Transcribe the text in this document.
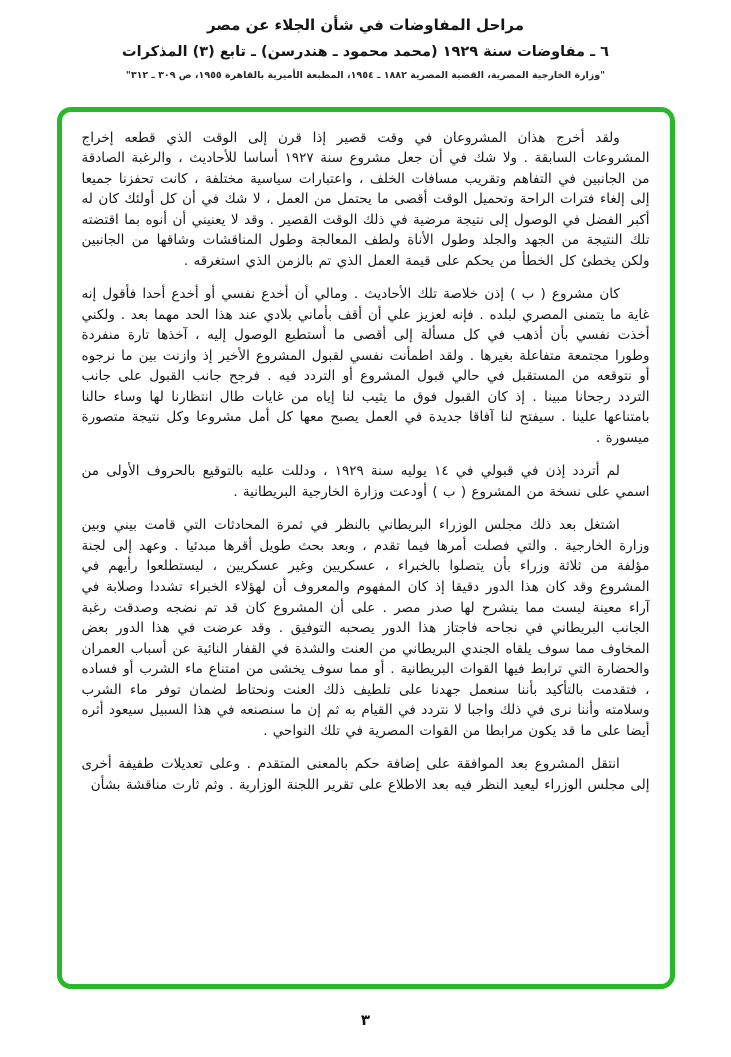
مراحل المفاوضات في شأن الجلاء عن مصر
٦ ـ مفاوضات سنة ١٩٢٩ (محمد محمود ـ هندرسن) ـ تابع (٣) المذكرات
"وزارة الخارجية المصرية، القضية المصرية ١٨٨٢ ـ ١٩٥٤، المطبعة الأميرية بالقاهرة ١٩٥٥، ص ٣٠٩ ـ ٣١٢"

ولقد أخرج هذان المشروعان في وقت قصير إذا قرن إلى الوقت الذي قطعه إخراج المشروعات السابقة . ولا شك في أن جعل مشروع سنة ١٩٢٧ أساسا للأحاديث ، والرغبة الصادقة من الجانبين في التفاهم وتقريب مسافات الخلف ، واعتبارات سياسية مختلفة ، كانت تحفزنا جميعا إلى إلغاء فترات الراحة وتحميل الوقت أقصى ما يحتمل من العمل ، لا شك في أن كل أولئك كان له أكبر الفضل في الوصول إلى نتيجة مرضية في ذلك الوقت القصير . وقد لا يعنيني أن أنوه بما اقتضته تلك النتيجة من الجهد والجلد وطول الأناة ولطف المعالجة وطول المناقشات وشاقها من الجانبين ولكن يخطئ كل الخطأ من يحكم على قيمة العمل الذي تم بالزمن الذي استغرقه .

كان مشروع ( ب ) إذن خلاصة تلك الأحاديث . ومالي أن أخدع نفسي أو أخدع أحدا فأقول إنه غاية ما يتمنى المصري لبلده . فإنه لعزيز علي أن أقف بأماني بلادي عند هذا الحد مهما بعد . ولكني أخذت نفسي بأن أذهب في كل مسألة إلى أقصى ما أستطيع الوصول إليه ، آخذها تارة منفردة وطورا مجتمعة متفاعلة بغيرها . ولقد اطمأنت نفسي لقبول المشروع الأخير إذ وازنت بين ما نرجوه أو نتوقعه من المستقبل في حالي قبول المشروع أو التردد فيه . فرجح جانب القبول على جانب التردد رجحانا مبينا . إذ كان القبول فوق ما يثيب لنا إياه من غايات طال انتظارنا لها وساء حالنا بامتناعها علينا . سيفتح لنا آفاقا جديدة في العمل يصبح معها كل أمل مشروعا وكل نتيجة متصورة ميسورة .

لم أتردد إذن في قبولي في ١٤ يوليه سنة ١٩٢٩ ، ودللت عليه بالتوقيع بالحروف الأولى من اسمي على نسخة من المشروع ( ب ) أودعت وزارة الخارجية البريطانية .

اشتغل بعد ذلك مجلس الوزراء البريطاني بالنظر في ثمرة المحادثات التي قامت بيني وبين وزارة الخارجية . والتي فصلت أمرها فيما تقدم ، وبعد بحث طويل أقرها مبدئيا . وعهد إلى لجنة مؤلفة من ثلاثة وزراء بأن يتصلوا بالخبراء ، عسكريين وغير عسكريين ، ليستطلعوا رأيهم في المشروع وقد كان هذا الدور دقيقا إذ كان المفهوم والمعروف أن لهؤلاء الخبراء تشددا وصلابة في آراء معينة ليست مما ينشرح لها صدر مصر . على أن المشروع كان قد تم نضجه وصدقت رغبة الجانب البريطاني في نجاحه فاجتاز هذا الدور يصحبه التوفيق . وقد عرضت في هذا الدور بعض المخاوف مما سوف يلقاه الجندي البريطاني من العنت والشدة في القفار النائية عن أسباب العمران والحضارة التي ترابط فيها القوات البريطانية . أو مما سوف يخشى من امتناع ماء الشرب أو فساده ، فتقدمت بالتأكيد بأننا سنعمل جهدنا على تلطيف ذلك العنت ونحتاط لضمان توفر ماء الشرب وسلامته وأننا نرى في ذلك واجبا لا نتردد في القيام به ثم إن ما سنصنعه في هذا السبيل سيعود أثره أيضا على ما قد يكون مرابطا من القوات المصرية في تلك النواحي .

انتقل المشروع بعد الموافقة على إضافة حكم بالمعنى المتقدم . وعلى تعديلات طفيفة أخرى إلى مجلس الوزراء ليعيد النظر فيه بعد الاطلاع على تقرير اللجنة الوزارية . وثم ثارت مناقشة بشأن

٣
